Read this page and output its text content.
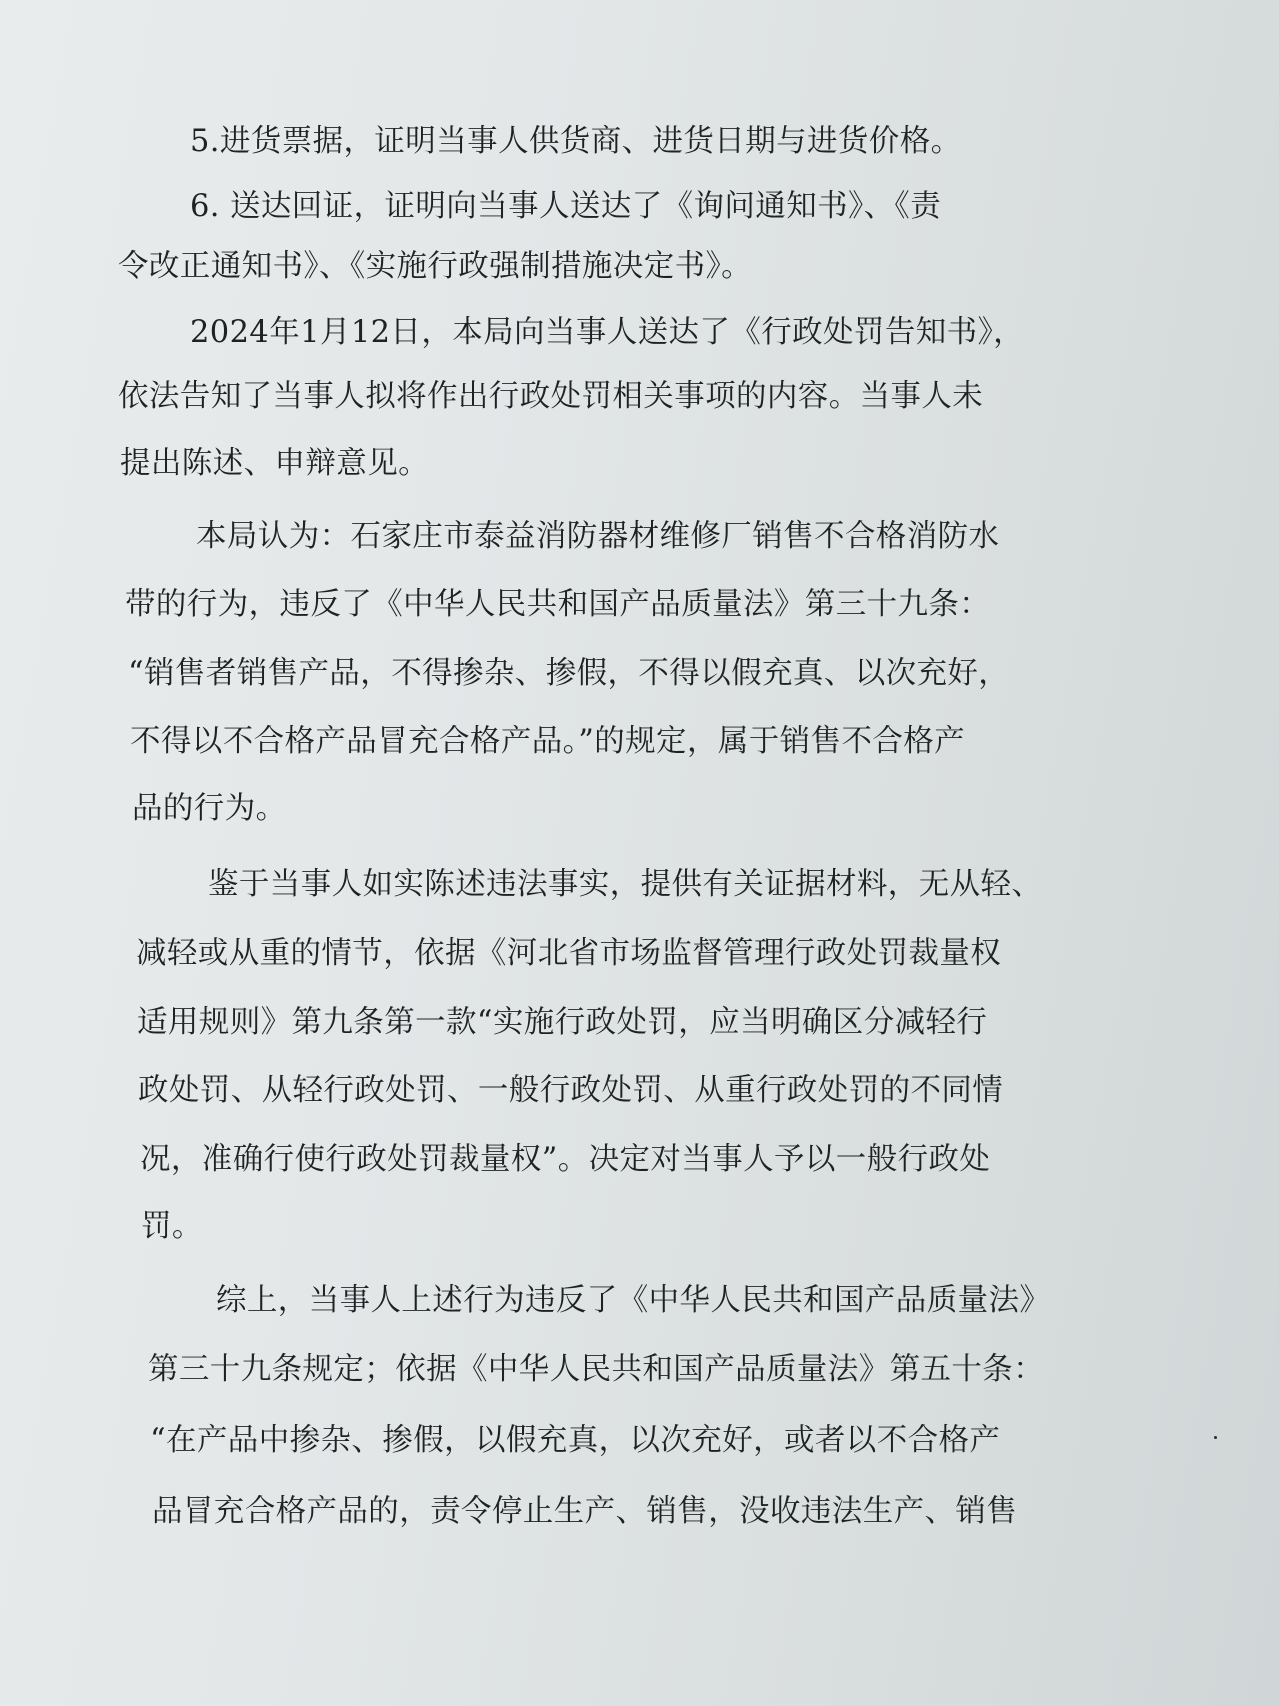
5.进货票据，证明当事人供货商、进货日期与进货价格。
6. 送达回证，证明向当事人送达了《询问通知书》、《责
令改正通知书》、《实施行政强制措施决定书》。
2024年1月12日，本局向当事人送达了《行政处罚告知书》，
依法告知了当事人拟将作出行政处罚相关事项的内容。当事人未
提出陈述、申辩意见。
本局认为：石家庄市泰益消防器材维修厂销售不合格消防水
带的行为，违反了《中华人民共和国产品质量法》第三十九条：
“销售者销售产品，不得掺杂、掺假，不得以假充真、以次充好，
不得以不合格产品冒充合格产品。”的规定，属于销售不合格产
品的行为。
鉴于当事人如实陈述违法事实，提供有关证据材料，无从轻、
减轻或从重的情节，依据《河北省市场监督管理行政处罚裁量权
适用规则》第九条第一款“实施行政处罚，应当明确区分减轻行
政处罚、从轻行政处罚、一般行政处罚、从重行政处罚的不同情
况，准确行使行政处罚裁量权”。决定对当事人予以一般行政处
罚。
综上，当事人上述行为违反了《中华人民共和国产品质量法》
第三十九条规定；依据《中华人民共和国产品质量法》第五十条：
“在产品中掺杂、掺假，以假充真，以次充好，或者以不合格产
品冒充合格产品的，责令停止生产、销售，没收违法生产、销售
